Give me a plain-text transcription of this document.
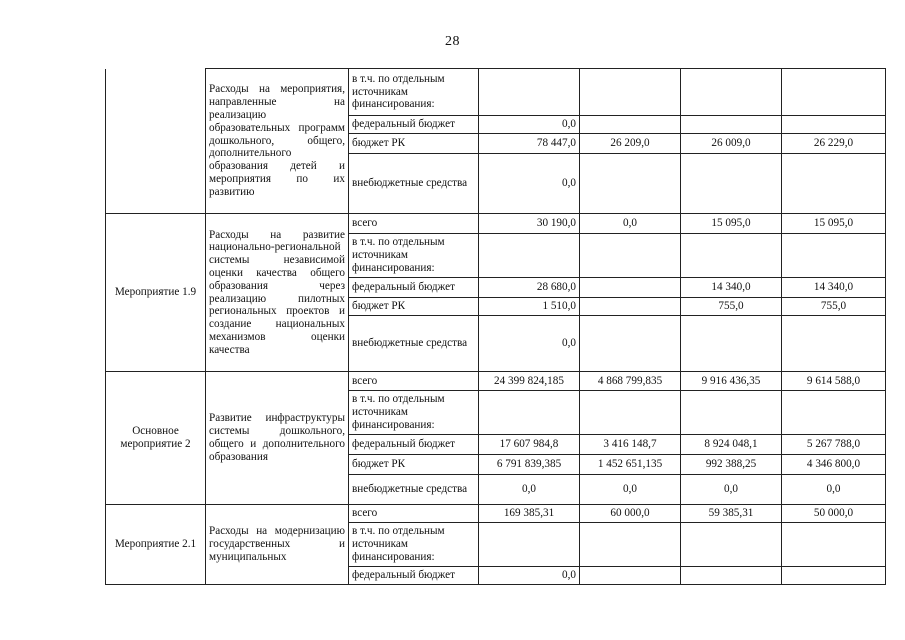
28
	Расходы на мероприятия, направленные на реализацию образовательных программ дошкольного, общего, дополнительного образования детей и мероприятия по их развитию	в т.ч. по отдельным источникам финансирования:				
		федеральный бюджет	0,0			
		бюджет РК	78 447,0	26 209,0	26 009,0	26 229,0
		внебюджетные средства	0,0			
Мероприятие 1.9	Расходы на развитие национально-региональной системы независимой оценки качества общего образования через реализацию пилотных региональных проектов и создание национальных механизмов оценки качества	всего	30 190,0	0,0	15 095,0	15 095,0
		в т.ч. по отдельным источникам финансирования:				
		федеральный бюджет	28 680,0		14 340,0	14 340,0
		бюджет РК	1 510,0		755,0	755,0
		внебюджетные средства	0,0			
Основное мероприятие 2	Развитие инфраструктуры системы дошкольного, общего и дополнительного образования	всего	24 399 824,185	4 868 799,835	9 916 436,35	9 614 588,0
		в т.ч. по отдельным источникам финансирования:				
		федеральный бюджет	17 607 984,8	3 416 148,7	8 924 048,1	5 267 788,0
		бюджет РК	6 791 839,385	1 452 651,135	992 388,25	4 346 800,0
		внебюджетные средства	0,0	0,0	0,0	0,0
Мероприятие 2.1	Расходы на модернизацию государственных и муниципальных	всего	169 385,31	60 000,0	59 385,31	50 000,0
		в т.ч. по отдельным источникам финансирования:				
		федеральный бюджет	0,0			
